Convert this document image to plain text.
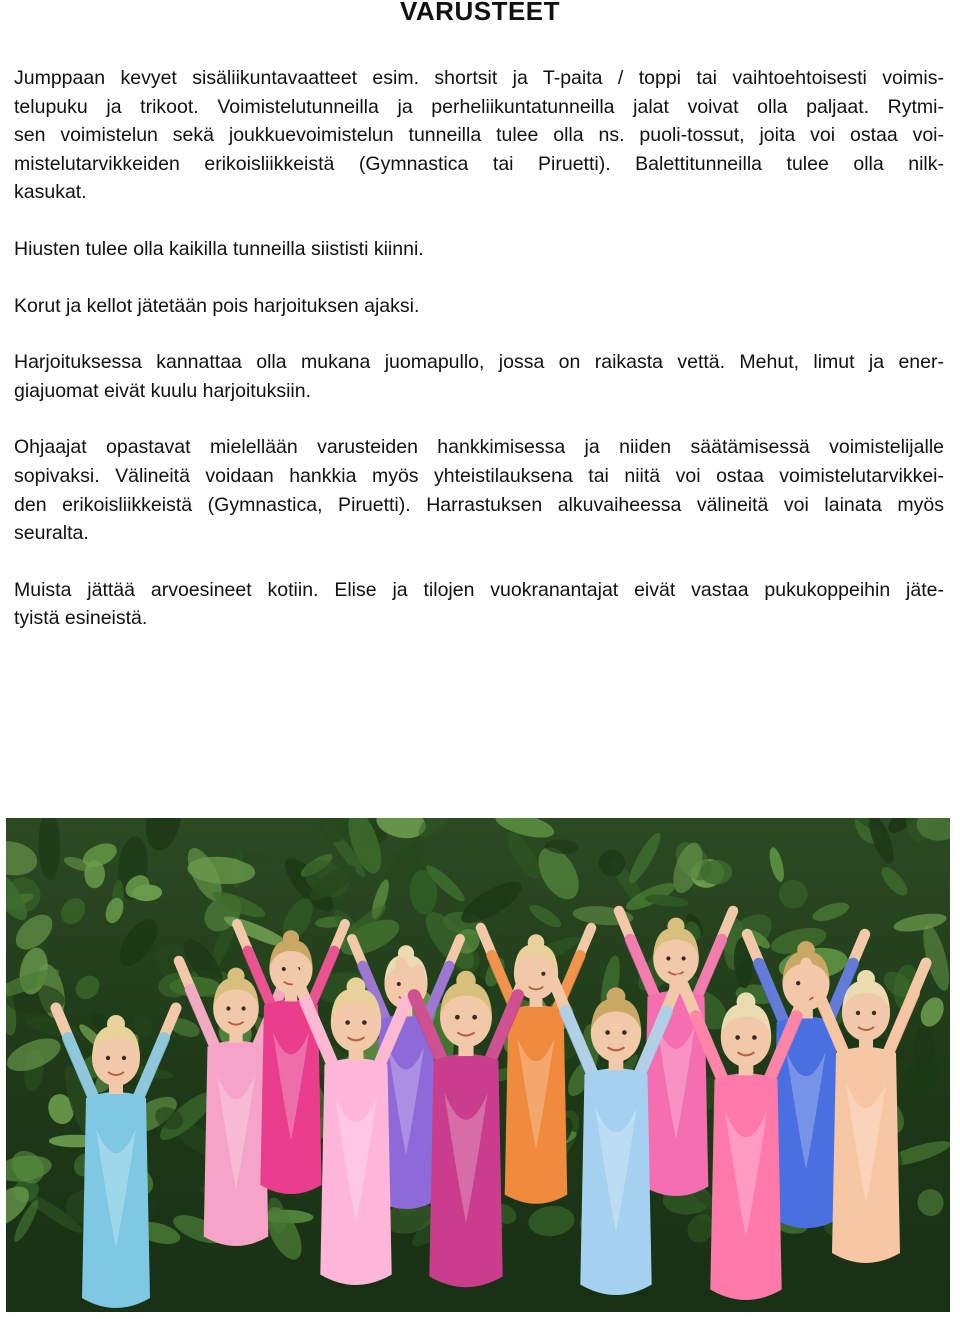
VARUSTEET
Jumppaan kevyet sisäliikuntavaatteet esim. shortsit ja T-paita / toppi tai vaihtoehtoisesti voimis-
telupuku ja trikoot. Voimistelutunneilla ja perheliikuntatunneilla jalat voivat olla paljaat. Rytmi-
sen voimistelun sekä joukkuevoimistelun tunneilla tulee olla ns. puoli-tossut, joita voi ostaa voi-
mistelutarvikkeiden erikoisliikkeistä (Gymnastica tai Piruetti). Balettitunneilla tulee olla nilk-
kasukat.
Hiusten tulee olla kaikilla tunneilla siististi kiinni.
Korut ja kellot jätetään pois harjoituksen ajaksi.
Harjoituksessa kannattaa olla mukana juomapullo, jossa on raikasta vettä. Mehut, limut ja ener-
giajuomat eivät kuulu harjoituksiin.
Ohjaajat opastavat mielellään varusteiden hankkimisessa ja niiden säätämisessä voimistelijalle
sopivaksi. Välineitä voidaan hankkia myös yhteistilauksena tai niitä voi ostaa voimistelutarvikkei-
den erikoisliikkeistä (Gymnastica, Piruetti). Harrastuksen alkuvaiheessa välineitä voi lainata myös
seuralta.
Muista jättää arvoesineet kotiin. Elise ja tilojen vuokranantajat eivät vastaa pukukoppeihin jäte-
tyistä esineistä.
